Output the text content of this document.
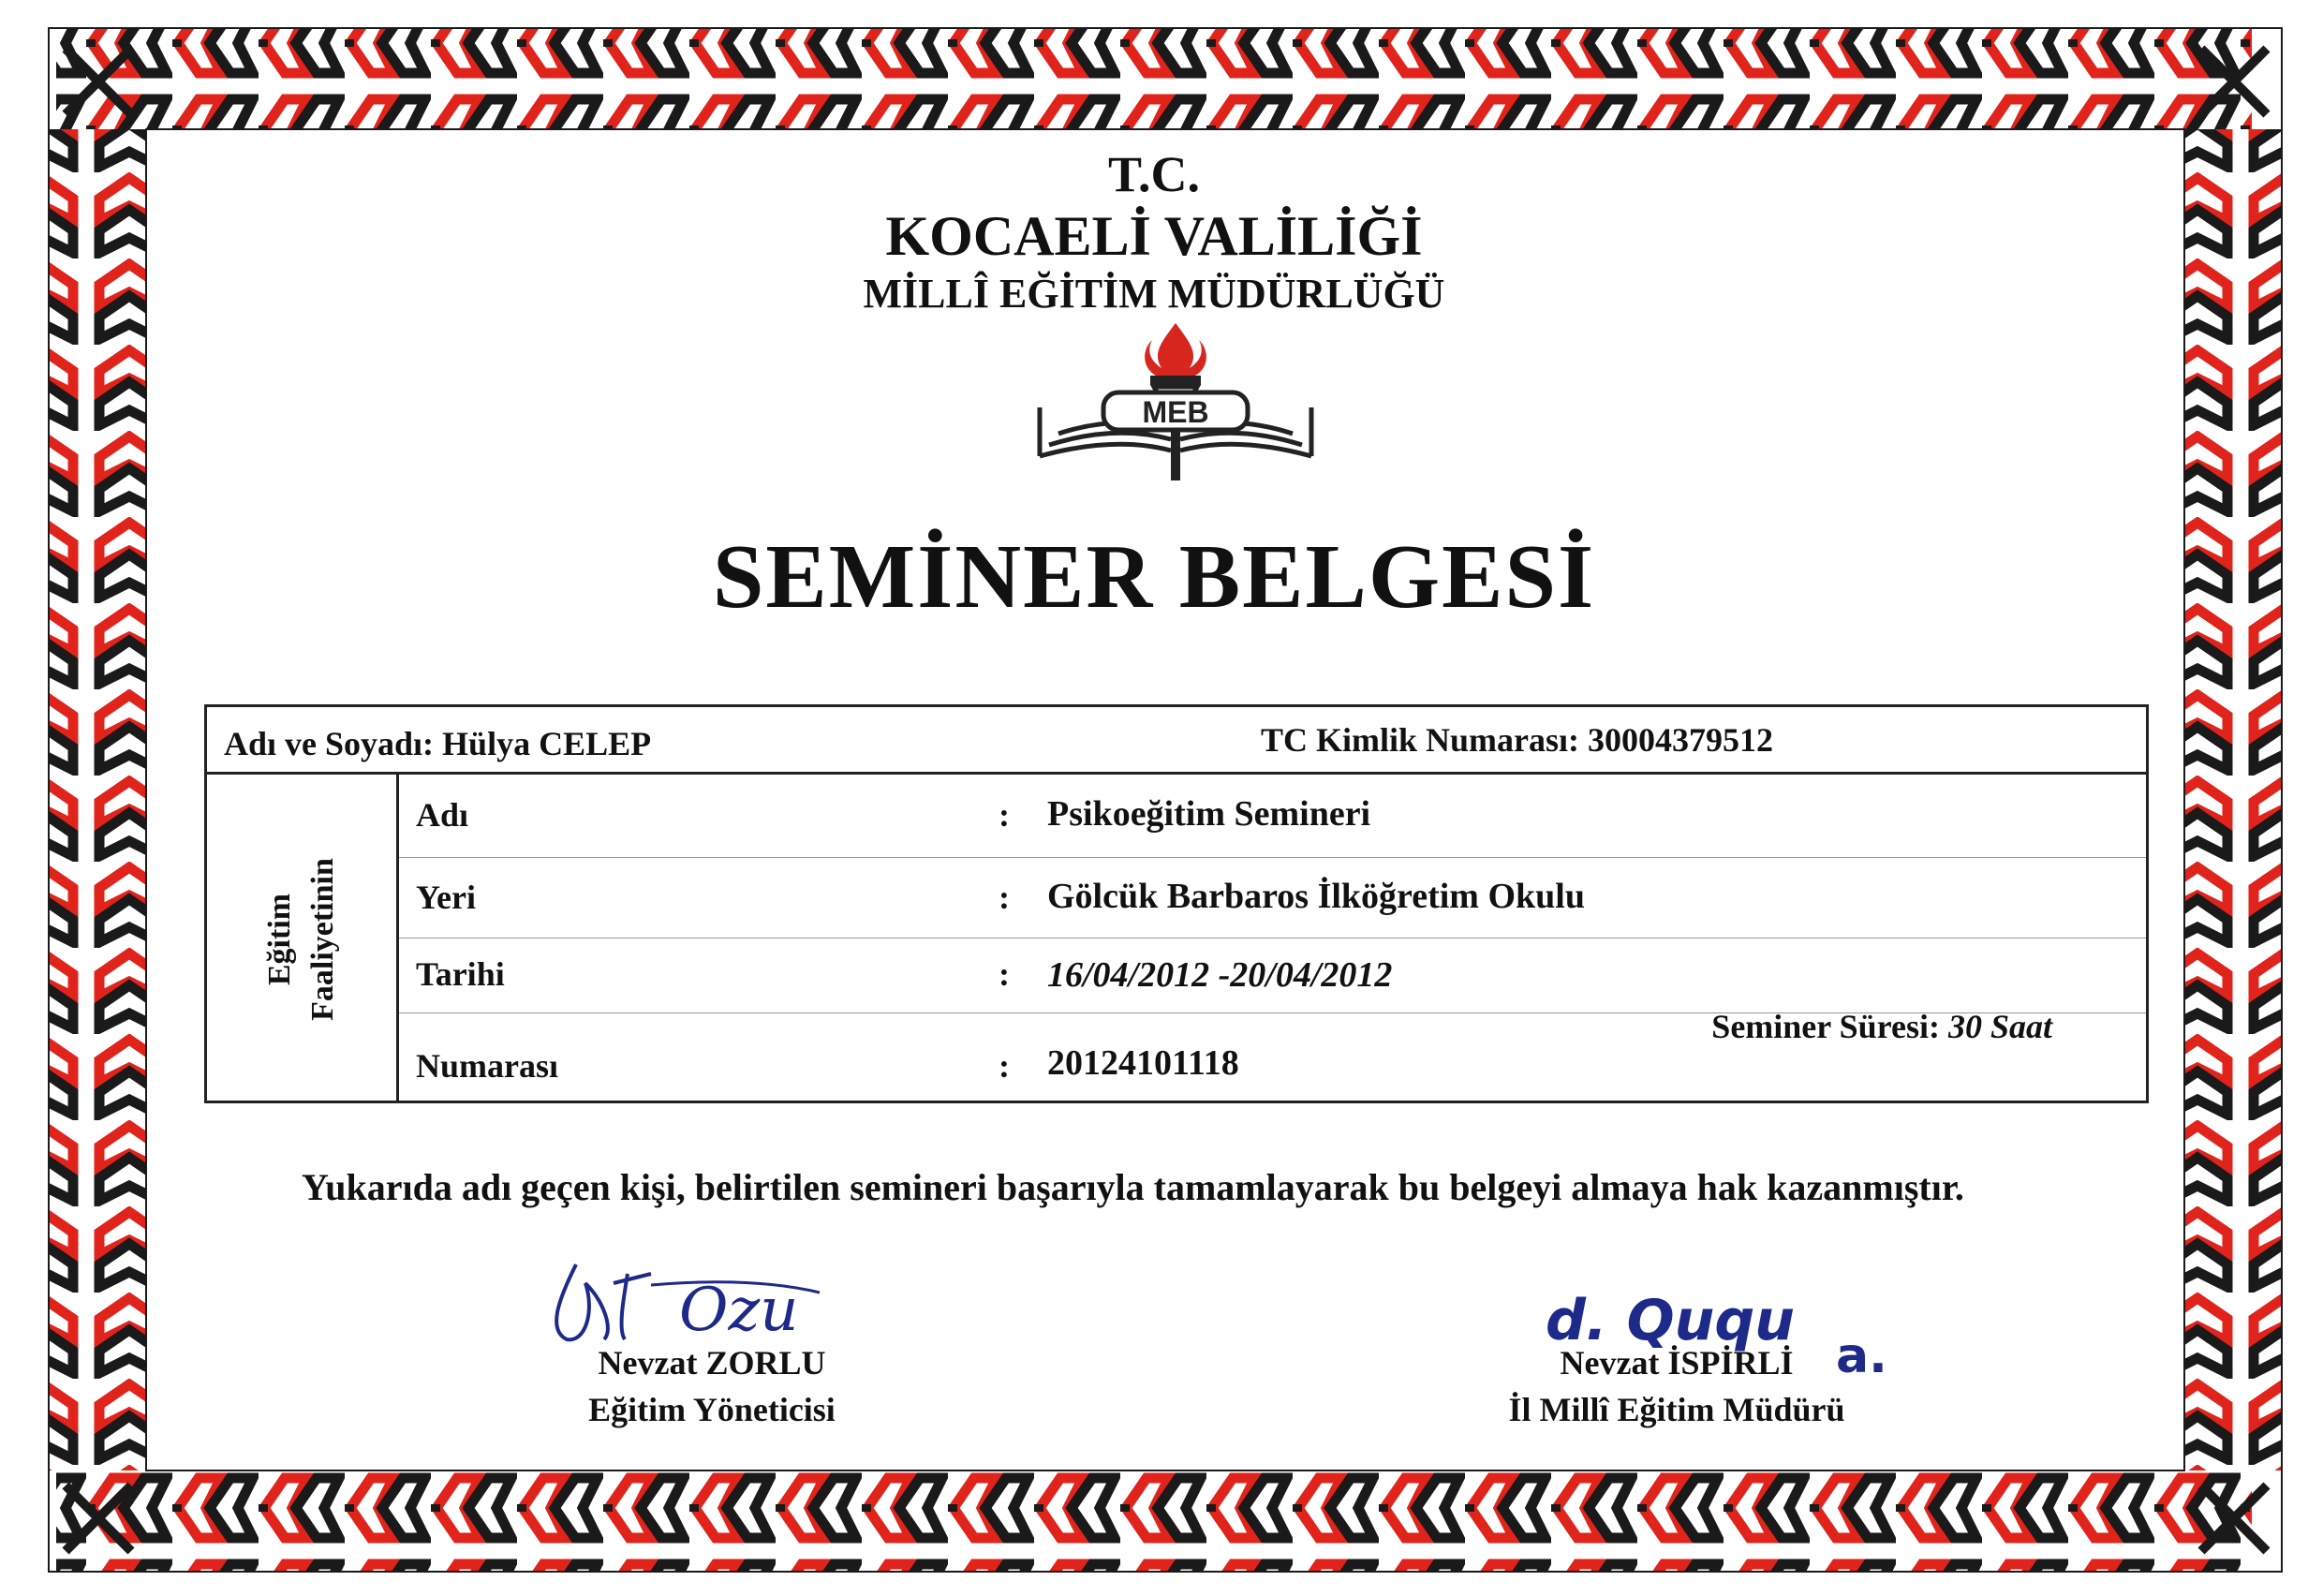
T.C.
KOCAELİ VALİLİĞİ
MİLLÎ EĞİTİM MÜDÜRLÜĞÜ
MEB
SEMİNER BELGESİ
Adı ve Soyadı: Hülya CELEP	TC Kimlik Numarası: 30004379512
Eğitim Faaliyetinin
Adı	: Psikoeğitim Semineri
Yeri	: Gölcük Barbaros İlköğretim Okulu
Tarihi	: 16/04/2012 -20/04/2012
Numarası	: 20124101118
Seminer Süresi: 30 Saat
Yukarıda adı geçen kişi, belirtilen semineri başarıyla tamamlayarak bu belgeyi almaya hak kazanmıştır.
Ozu	d. Ququ
a.
Nevzat ZORLU
Eğitim Yöneticisi
Nevzat İSPİRLİ
İl Millî Eğitim Müdürü
